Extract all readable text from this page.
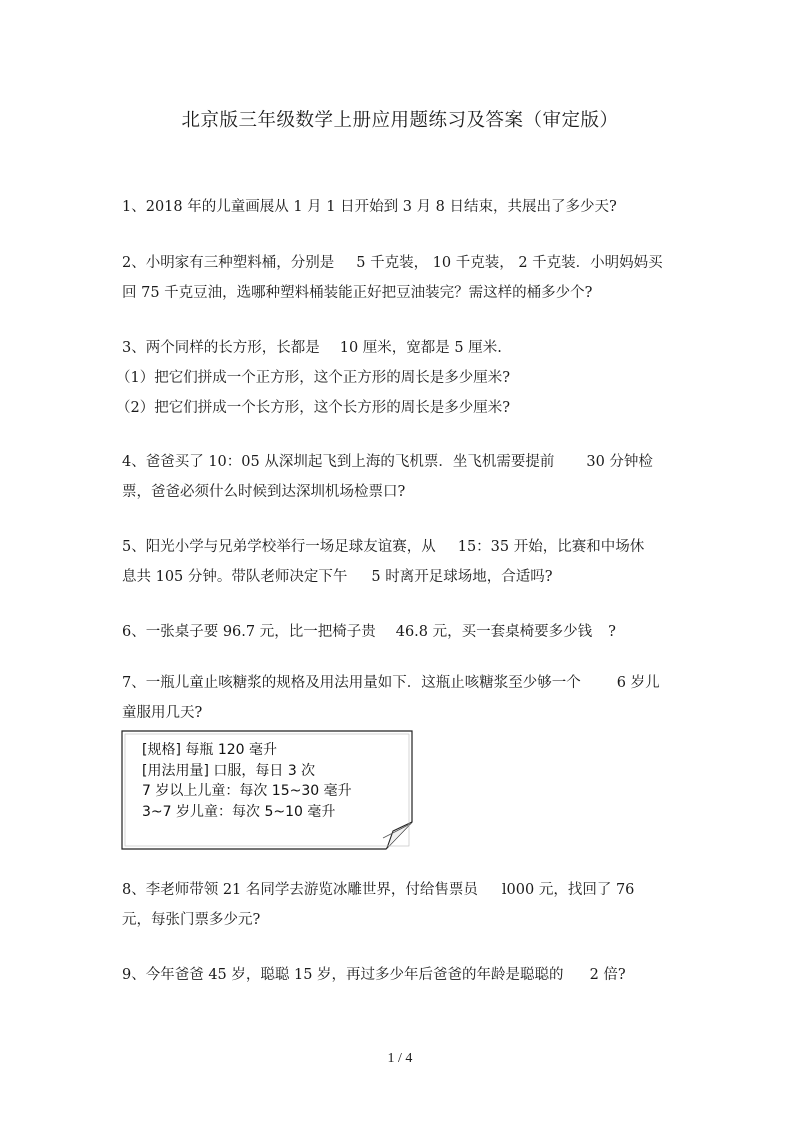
北京版三年级数学上册应用题练习及答案（审定版）
1、2018 年的儿童画展从 1 月 1 日开始到 3 月 8 日结束，共展出了多少天?
2、小明家有三种塑料桶，分别是 5 千克装， 10 千克装， 2 千克装．小明妈妈买
回 75 千克豆油，选哪种塑料桶装能正好把豆油装完？需这样的桶多少个?
3、两个同样的长方形，长都是 10 厘米，宽都是 5 厘米.
（1）把它们拼成一个正方形，这个正方形的周长是多少厘米?
（2）把它们拼成一个长方形，这个长方形的周长是多少厘米?
4、爸爸买了 10：05 从深圳起飞到上海的飞机票．坐飞机需要提前 30 分钟检
票，爸爸必须什么时候到达深圳机场检票口?
5、阳光小学与兄弟学校举行一场足球友谊赛，从 15：35 开始，比赛和中场休
息共 105 分钟。带队老师决定下午 5 时离开足球场地，合适吗?
6、一张桌子要 96.7 元，比一把椅子贵 46.8 元，买一套桌椅要多少钱 ?
7、一瓶儿童止咳糖浆的规格及用法用量如下．这瓶止咳糖浆至少够一个 6 岁儿
童服用几天?
[规格] 每瓶 120 毫升
[用法用量] 口服，每日 3 次
7 岁以上儿童：每次 15~30 毫升
3~7 岁儿童：每次 5~10 毫升
8、李老师带领 21 名同学去游览冰雕世界，付给售票员 l000 元，找回了 76
元，每张门票多少元?
9、今年爸爸 45 岁，聪聪 15 岁，再过多少年后爸爸的年龄是聪聪的 2 倍?
1 / 4
